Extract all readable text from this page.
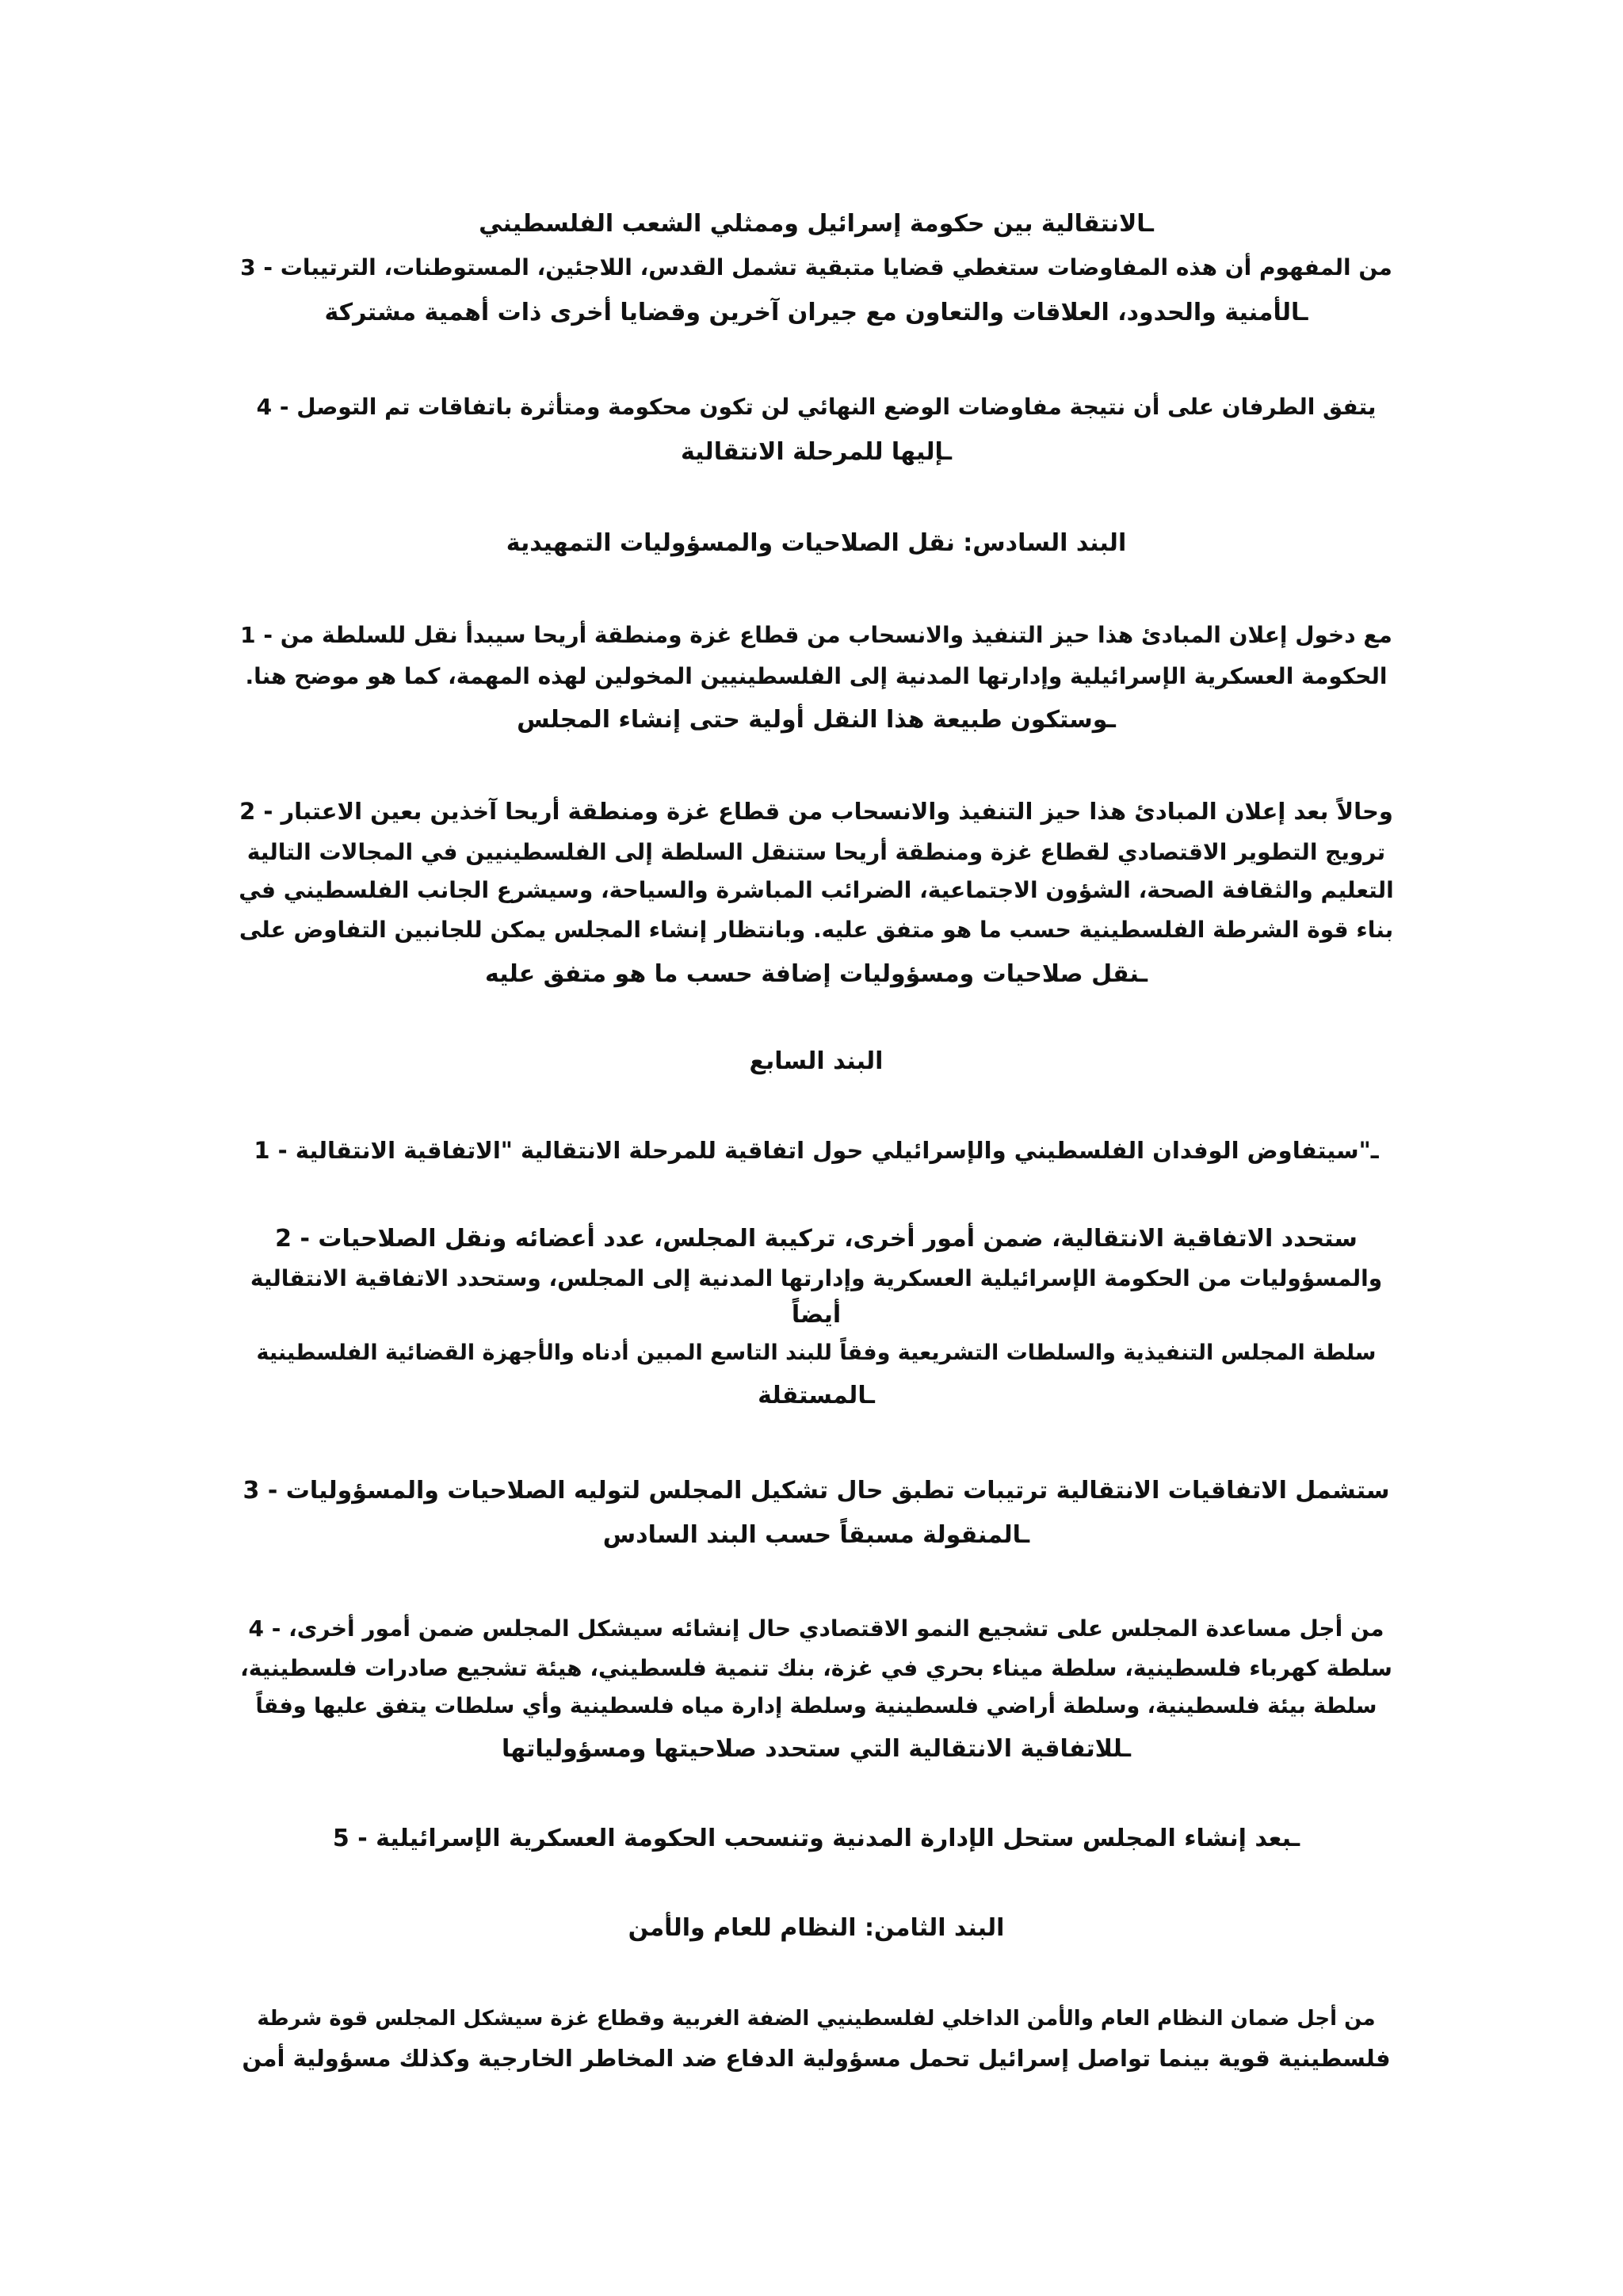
ـ‬الانتقالية بين حكومة إسرائيل وممثلي الشعب الفلسطيني
من المفهوم أن هذه المفاوضات ستغطي قضايا متبقية تشمل القدس، اللاجئين، المستوطنات، الترتيبات - 3
ـ‬الأمنية والحدود، العلاقات والتعاون مع جيران آخرين وقضايا أخرى ذات أهمية مشتركة
يتفق الطرفان على أن نتيجة مفاوضات الوضع النهائي لن تكون محكومة ومتأثرة باتفاقات تم التوصل - 4
ـ‬إليها للمرحلة الانتقالية
البند السادس: نقل الصلاحيات والمسؤوليات التمهيدية
مع دخول إعلان المبادئ هذا حيز التنفيذ والانسحاب من قطاع غزة ومنطقة أريحا سيبدأ نقل للسلطة من - 1
الحكومة العسكرية الإسرائيلية وإدارتها المدنية إلى الفلسطينيين المخولين لهذه المهمة، كما هو موضح هنا.
ـ‬وستكون طبيعة هذا النقل أولية حتى إنشاء المجلس
وحالاً بعد إعلان المبادئ هذا حيز التنفيذ والانسحاب من قطاع غزة ومنطقة أريحا آخذين بعين الاعتبار - 2
ترويج التطوير الاقتصادي لقطاع غزة ومنطقة أريحا ستنقل السلطة إلى الفلسطينيين في المجالات التالية
التعليم والثقافة الصحة، الشؤون الاجتماعية، الضرائب المباشرة والسياحة، وسيشرع الجانب الفلسطيني في
بناء قوة الشرطة الفلسطينية حسب ما هو متفق عليه. وبانتظار إنشاء المجلس يمكن للجانبين التفاوض على
ـ‬نقل صلاحيات ومسؤوليات إضافة حسب ما هو متفق عليه
البند السابع
ـ‬"سيتفاوض الوفدان الفلسطيني والإسرائيلي حول اتفاقية للمرحلة الانتقالية "الاتفاقية الانتقالية - 1
ستحدد الاتفاقية الانتقالية، ضمن أمور أخرى، تركيبة المجلس، عدد أعضائه ونقل الصلاحيات - 2
والمسؤوليات من الحكومة الإسرائيلية العسكرية وإدارتها المدنية إلى المجلس، وستحدد الاتفاقية الانتقالية
أيضاً
سلطة المجلس التنفيذية والسلطات التشريعية وفقاً للبند التاسع المبين أدناه والأجهزة القضائية الفلسطينية
ـ‬المستقلة
ستشمل الاتفاقيات الانتقالية ترتيبات تطبق حال تشكيل المجلس لتوليه الصلاحيات والمسؤوليات - 3
ـ‬المنقولة مسبقاً حسب البند السادس
من أجل مساعدة المجلس على تشجيع النمو الاقتصادي حال إنشائه سيشكل المجلس ضمن أمور أخرى، - 4
سلطة كهرباء فلسطينية، سلطة ميناء بحري في غزة، بنك تنمية فلسطيني، هيئة تشجيع صادرات فلسطينية،
سلطة بيئة فلسطينية، وسلطة أراضي فلسطينية وسلطة إدارة مياه فلسطينية وأي سلطات يتفق عليها وفقاً
ـ‬للاتفاقية الانتقالية التي ستحدد صلاحيتها ومسؤولياتها
ـ‬بعد إنشاء المجلس ستحل الإدارة المدنية وتنسحب الحكومة العسكرية الإسرائيلية - 5
البند الثامن: النظام للعام والأمن
من أجل ضمان النظام العام والأمن الداخلي لفلسطينيي الضفة الغربية وقطاع غزة سيشكل المجلس قوة شرطة
فلسطينية قوية بينما تواصل إسرائيل تحمل مسؤولية الدفاع ضد المخاطر الخارجية وكذلك مسؤولية أمن
